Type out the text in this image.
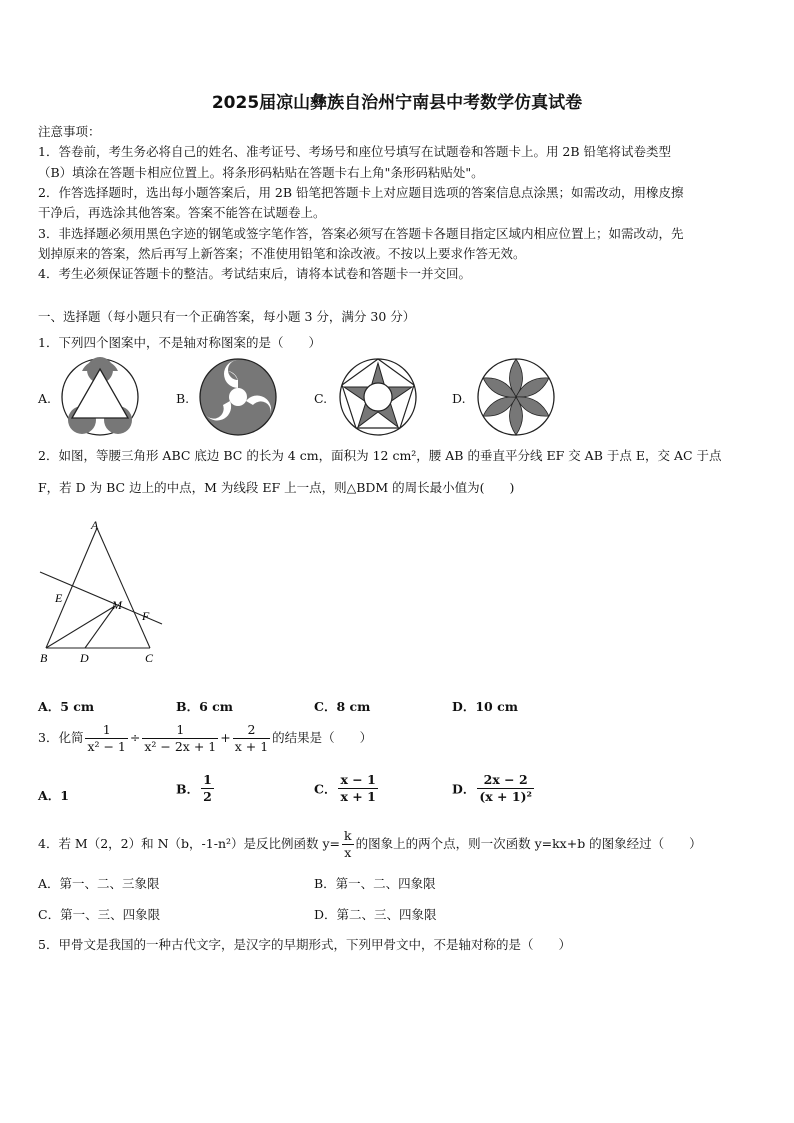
2025届凉山彝族自治州宁南县中考数学仿真试卷
注意事项：
1．答卷前，考生务必将自己的姓名、准考证号、考场号和座位号填写在试题卷和答题卡上。用 2B 铅笔将试卷类型
（B）填涂在答题卡相应位置上。将条形码粘贴在答题卡右上角"条形码粘贴处"。
2．作答选择题时，选出每小题答案后，用 2B 铅笔把答题卡上对应题目选项的答案信息点涂黑；如需改动，用橡皮擦
干净后，再选涂其他答案。答案不能答在试题卷上。
3．非选择题必须用黑色字迹的钢笔或签字笔作答，答案必须写在答题卡各题目指定区域内相应位置上；如需改动，先
划掉原来的答案，然后再写上新答案；不准使用铅笔和涂改液。不按以上要求作答无效。
4．考生必须保证答题卡的整洁。考试结束后，请将本试卷和答题卡一并交回。
一、选择题（每小题只有一个正确答案，每小题 3 分，满分 30 分）
1．下列四个图案中，不是轴对称图案的是（　　）
A.	B.	C.	D.
2．如图，等腰三角形 ABC 底边 BC 的长为 4 cm，面积为 12 cm²，腰 AB 的垂直平分线 EF 交 AB 于点 E，交 AC 于点
F，若 D 为 BC 边上的中点，M 为线段 EF 上一点，则△BDM 的周长最小值为(　　)
A
E	M
F
B	D	C
A．5 cm	B．6 cm	C．8 cm	D．10 cm
3．化简 $\frac{1}{\text{x² − 1}} \div \frac{1}{\text{x² − 2x + 1}} + \frac{2}{x + 1}$ 的结果是（　　）
A．1	B． $\frac{1}{2}$	C． $\frac{x - 1}{x + 1}$	D． $\frac{2x - 2}{\text{(x + 1)²}}$
4．若 M（2，2）和 N（b，-1-n²）是反比例函数 $y= \frac{k}{x}$ 的图象上的两个点，则一次函数 y=kx+b 的图象经过（　　）
A．第一、二、三象限	B．第一、二、四象限
C．第一、三、四象限	D．第二、三、四象限
5．甲骨文是我国的一种古代文字，是汉字的早期形式，下列甲骨文中，不是轴对称的是（　　）
